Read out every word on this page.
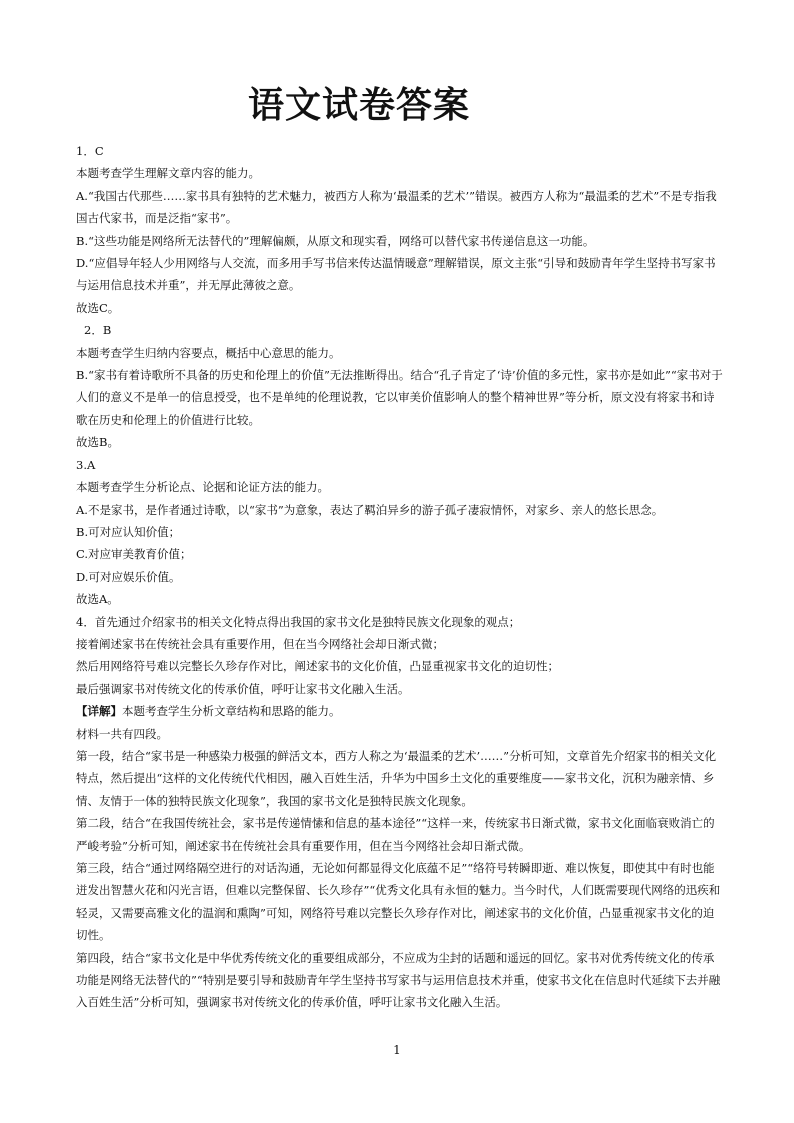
语文试卷答案

1．C

本题考查学生理解文章内容的能力。

A.“我国古代那些……家书具有独特的艺术魅力，被西方人称为‘最温柔的艺术’”错误。被西方人称为“最温柔的艺术”不是专指我国古代家书，而是泛指“家书”。

B.“这些功能是网络所无法替代的”理解偏颇，从原文和现实看，网络可以替代家书传递信息这一功能。

D.“应倡导年轻人少用网络与人交流，而多用手写书信来传达温情暖意”理解错误，原文主张“引导和鼓励青年学生坚持书写家书与运用信息技术并重”，并无厚此薄彼之意。

故选C。

2．B

本题考查学生归纳内容要点，概括中心意思的能力。

B.“家书有着诗歌所不具备的历史和伦理上的价值”无法推断得出。结合“孔子肯定了‘诗’价值的多元性，家书亦是如此”“家书对于人们的意义不是单一的信息授受，也不是单纯的伦理说教，它以审美价值影响人的整个精神世界”等分析，原文没有将家书和诗歌在历史和伦理上的价值进行比较。

故选B。

3.A

本题考查学生分析论点、论据和论证方法的能力。

A.不是家书，是作者通过诗歌，以“家书”为意象，表达了羁泊异乡的游子孤孑凄寂情怀，对家乡、亲人的悠长思念。

B.可对应认知价值；

C.对应审美教育价值；

D.可对应娱乐价值。

故选A。

4．首先通过介绍家书的相关文化特点得出我国的家书文化是独特民族文化现象的观点；

接着阐述家书在传统社会具有重要作用，但在当今网络社会却日渐式微；

然后用网络符号难以完整长久珍存作对比，阐述家书的文化价值，凸显重视家书文化的迫切性；

最后强调家书对传统文化的传承价值，呼吁让家书文化融入生活。

【详解】本题考查学生分析文章结构和思路的能力。

材料一共有四段。

第一段，结合“家书是一种感染力极强的鲜活文本，西方人称之为‘最温柔的艺术’……”分析可知，文章首先介绍家书的相关文化特点，然后提出“这样的文化传统代代相因，融入百姓生活，升华为中国乡土文化的重要维度——家书文化，沉积为融亲情、乡情、友情于一体的独特民族文化现象”，我国的家书文化是独特民族文化现象。

第二段，结合“在我国传统社会，家书是传递情愫和信息的基本途径”“这样一来，传统家书日渐式微，家书文化面临衰败消亡的严峻考验”分析可知，阐述家书在传统社会具有重要作用，但在当今网络社会却日渐式微。

第三段，结合“通过网络隔空进行的对话沟通，无论如何都显得文化底蕴不足”“络符号转瞬即逝、难以恢复，即使其中有时也能迸发出智慧火花和闪光言语，但难以完整保留、长久珍存”“优秀文化具有永恒的魅力。当今时代，人们既需要现代网络的迅疾和轻灵，又需要高雅文化的温润和熏陶”可知，网络符号难以完整长久珍存作对比，阐述家书的文化价值，凸显重视家书文化的迫切性。

第四段，结合“家书文化是中华优秀传统文化的重要组成部分，不应成为尘封的话题和遥远的回忆。家书对优秀传统文化的传承功能是网络无法替代的”“特别是要引导和鼓励青年学生坚持书写家书与运用信息技术并重，使家书文化在信息时代延续下去并融入百姓生活”分析可知，强调家书对传统文化的传承价值，呼吁让家书文化融入生活。

1
